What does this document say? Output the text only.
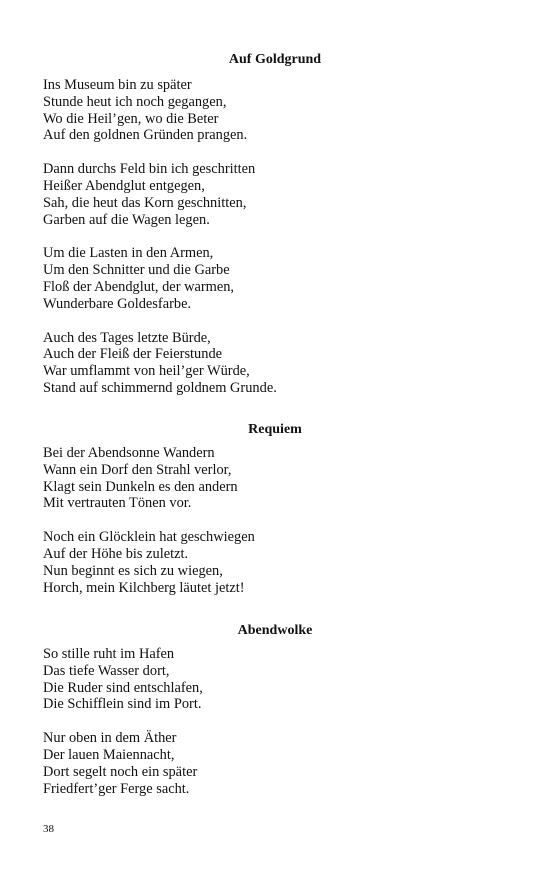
Auf Goldgrund
Ins Museum bin zu später
Stunde heut ich noch gegangen,
Wo die Heil’gen, wo die Beter
Auf den goldnen Gründen prangen.
Dann durchs Feld bin ich geschritten
Heißer Abendglut entgegen,
Sah, die heut das Korn geschnitten,
Garben auf die Wagen legen.
Um die Lasten in den Armen,
Um den Schnitter und die Garbe
Floß der Abendglut, der warmen,
Wunderbare Goldesfarbe.
Auch des Tages letzte Bürde,
Auch der Fleiß der Feierstunde
War umflammt von heil’ger Würde,
Stand auf schimmernd goldnem Grunde.
Requiem
Bei der Abendsonne Wandern
Wann ein Dorf den Strahl verlor,
Klagt sein Dunkeln es den andern
Mit vertrauten Tönen vor.
Noch ein Glöcklein hat geschwiegen
Auf der Höhe bis zuletzt.
Nun beginnt es sich zu wiegen,
Horch, mein Kilchberg läutet jetzt!
Abendwolke
So stille ruht im Hafen
Das tiefe Wasser dort,
Die Ruder sind entschlafen,
Die Schifflein sind im Port.
Nur oben in dem Äther
Der lauen Maiennacht,
Dort segelt noch ein später
Friedfert’ger Ferge sacht.
38
